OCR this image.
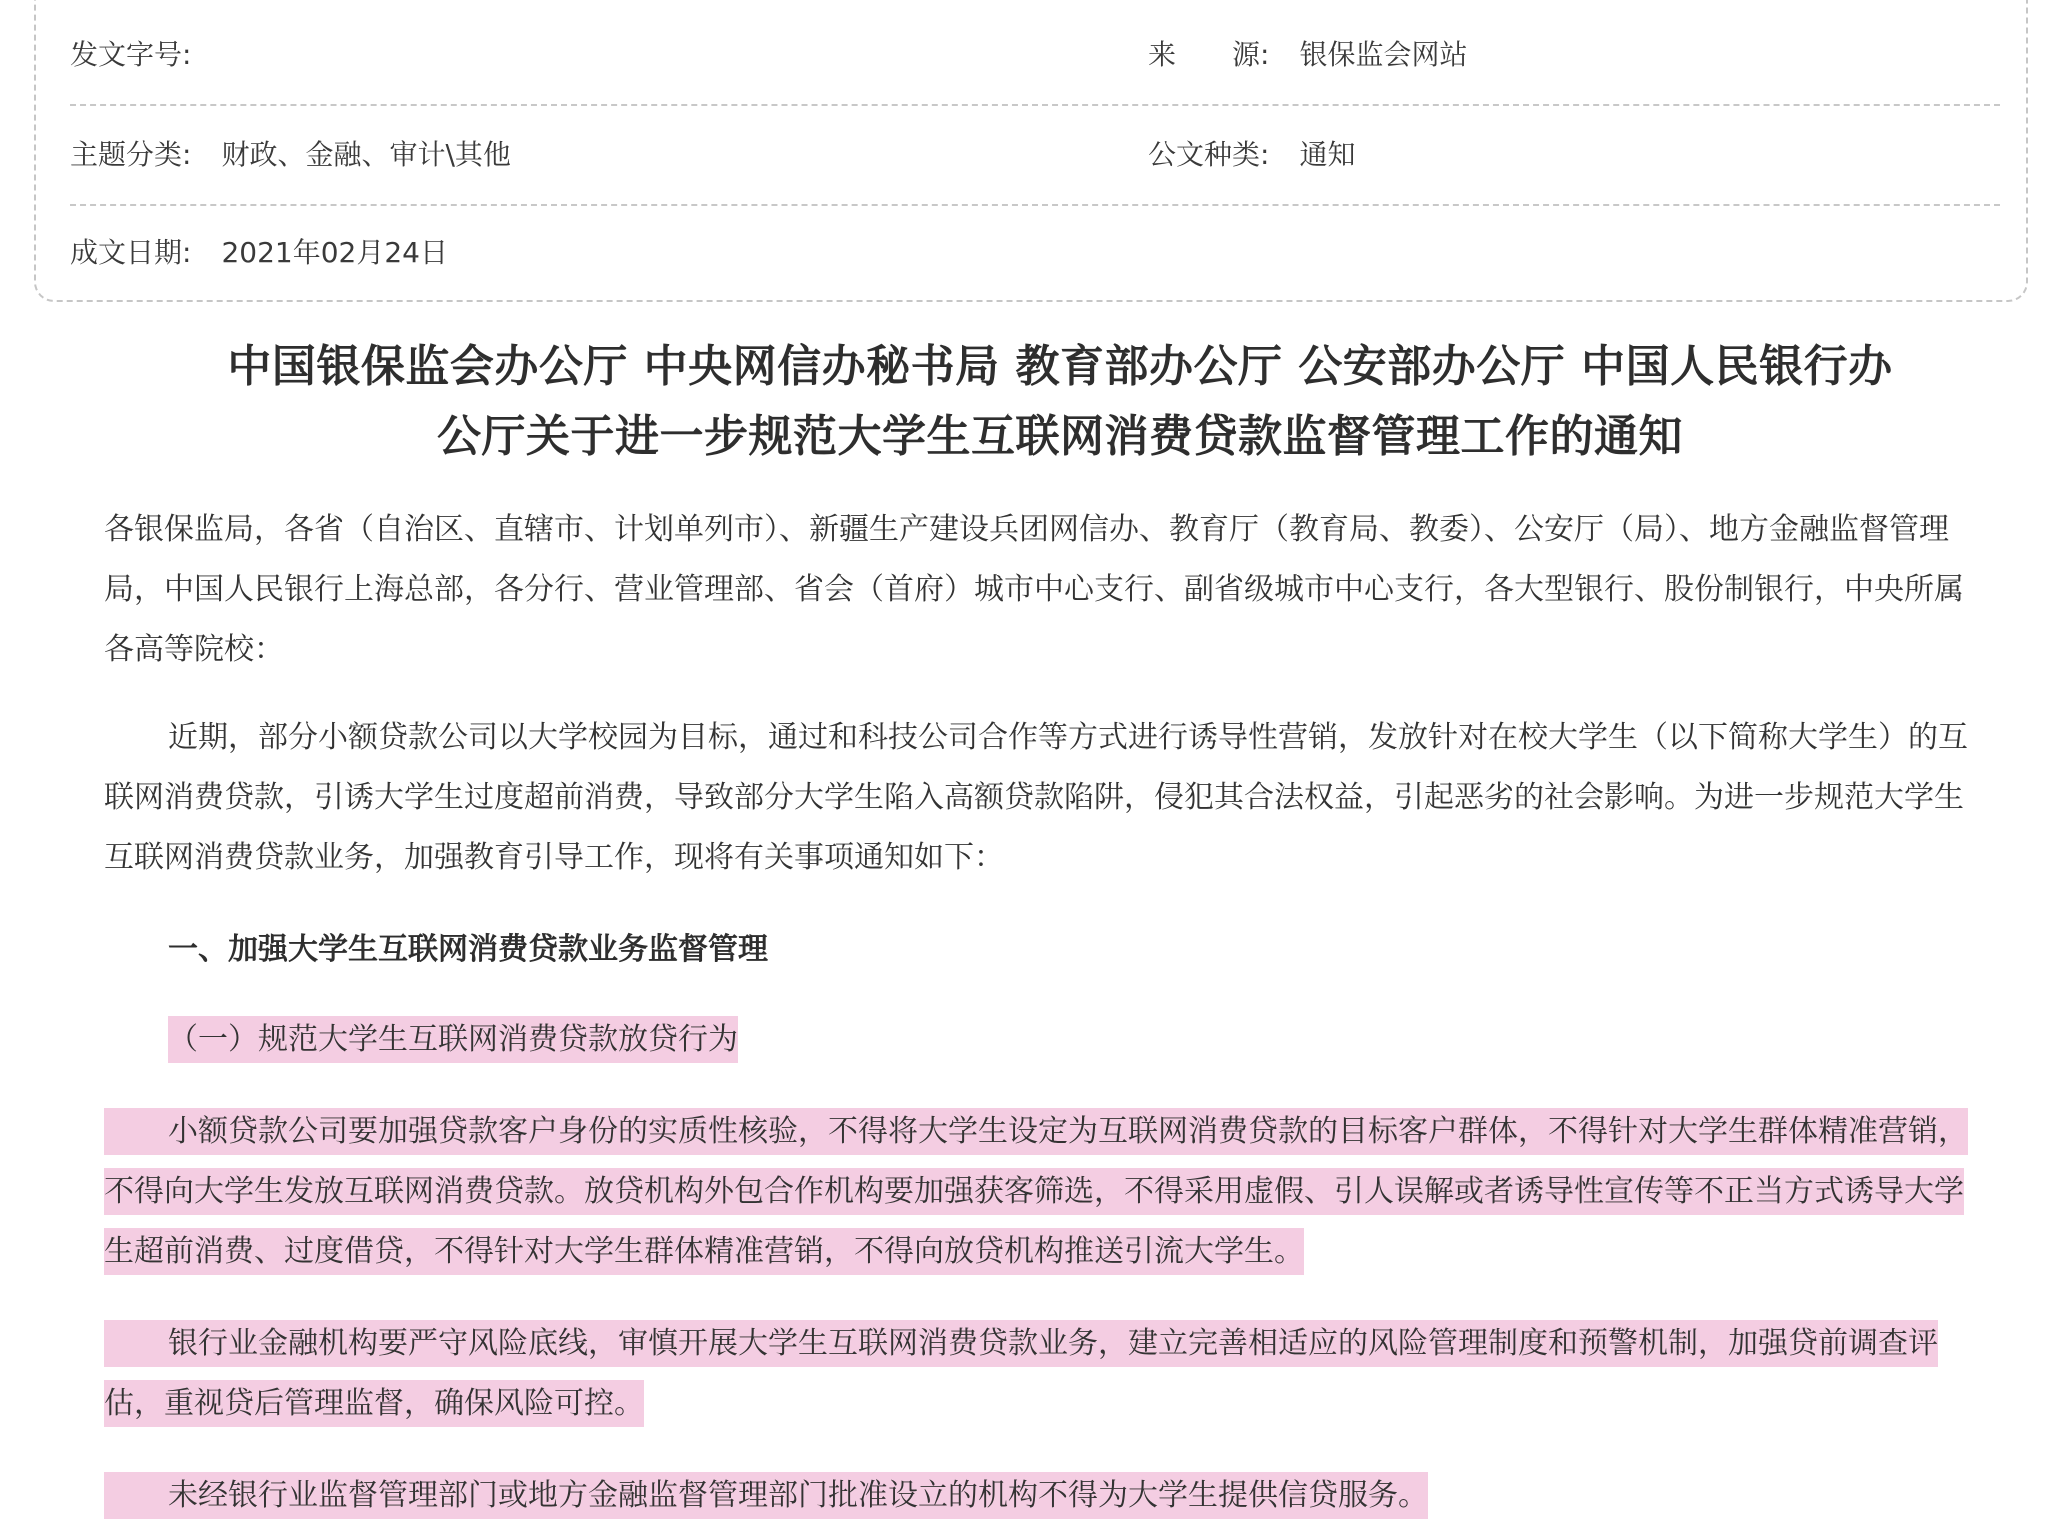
发文字号:	来　　源: 银保监会网站
主题分类: 财政、金融、审计\其他	公文种类: 通知
成文日期: 2021年02月24日
中国银保监会办公厅 中央网信办秘书局 教育部办公厅 公安部办公厅 中国人民银行办
公厅关于进一步规范大学生互联网消费贷款监督管理工作的通知
各银保监局，各省（自治区、直辖市、计划单列市）、新疆生产建设兵团网信办、教育厅（教育局、教委）、公安厅（局）、地方金融监督管理局，中国人民银行上海总部，各分行、营业管理部、省会（首府）城市中心支行、副省级城市中心支行，各大型银行、股份制银行，中央所属各高等院校：
近期，部分小额贷款公司以大学校园为目标，通过和科技公司合作等方式进行诱导性营销，发放针对在校大学生（以下简称大学生）的互联网消费贷款，引诱大学生过度超前消费，导致部分大学生陷入高额贷款陷阱，侵犯其合法权益，引起恶劣的社会影响。为进一步规范大学生互联网消费贷款业务，加强教育引导工作，现将有关事项通知如下：
一、加强大学生互联网消费贷款业务监督管理
（一）规范大学生互联网消费贷款放贷行为
小额贷款公司要加强贷款客户身份的实质性核验，不得将大学生设定为互联网消费贷款的目标客户群体，不得针对大学生群体精准营销，不得向大学生发放互联网消费贷款。放贷机构外包合作机构要加强获客筛选，不得采用虚假、引人误解或者诱导性宣传等不正当方式诱导大学生超前消费、过度借贷，不得针对大学生群体精准营销，不得向放贷机构推送引流大学生。
银行业金融机构要严守风险底线，审慎开展大学生互联网消费贷款业务，建立完善相适应的风险管理制度和预警机制，加强贷前调查评估，重视贷后管理监督，确保风险可控。
未经银行业监督管理部门或地方金融监督管理部门批准设立的机构不得为大学生提供信贷服务。
